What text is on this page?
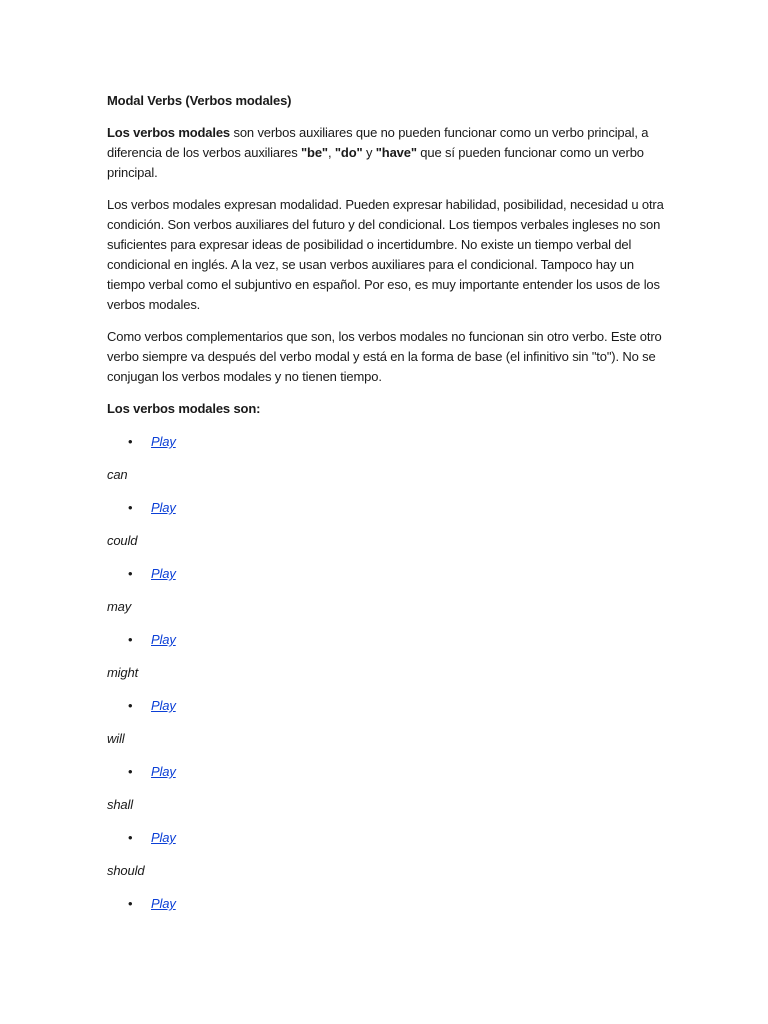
Modal Verbs (Verbos modales)

Los verbos modales son verbos auxiliares que no pueden funcionar como un verbo principal, a diferencia de los verbos auxiliares "be", "do" y "have" que sí pueden funcionar como un verbo principal.

Los verbos modales expresan modalidad. Pueden expresar habilidad, posibilidad, necesidad u otra condición. Son verbos auxiliares del futuro y del condicional. Los tiempos verbales ingleses no son suficientes para expresar ideas de posibilidad o incertidumbre. No existe un tiempo verbal del condicional en inglés. A la vez, se usan verbos auxiliares para el condicional. Tampoco hay un tiempo verbal como el subjuntivo en español. Por eso, es muy importante entender los usos de los verbos modales.

Como verbos complementarios que son, los verbos modales no funcionan sin otro verbo. Este otro verbo siempre va después del verbo modal y está en la forma de base (el infinitivo sin "to"). No se conjugan los verbos modales y no tienen tiempo.

Los verbos modales son:
• Play
can
• Play
could
• Play
may
• Play
might
• Play
will
• Play
shall
• Play
should
• Play
